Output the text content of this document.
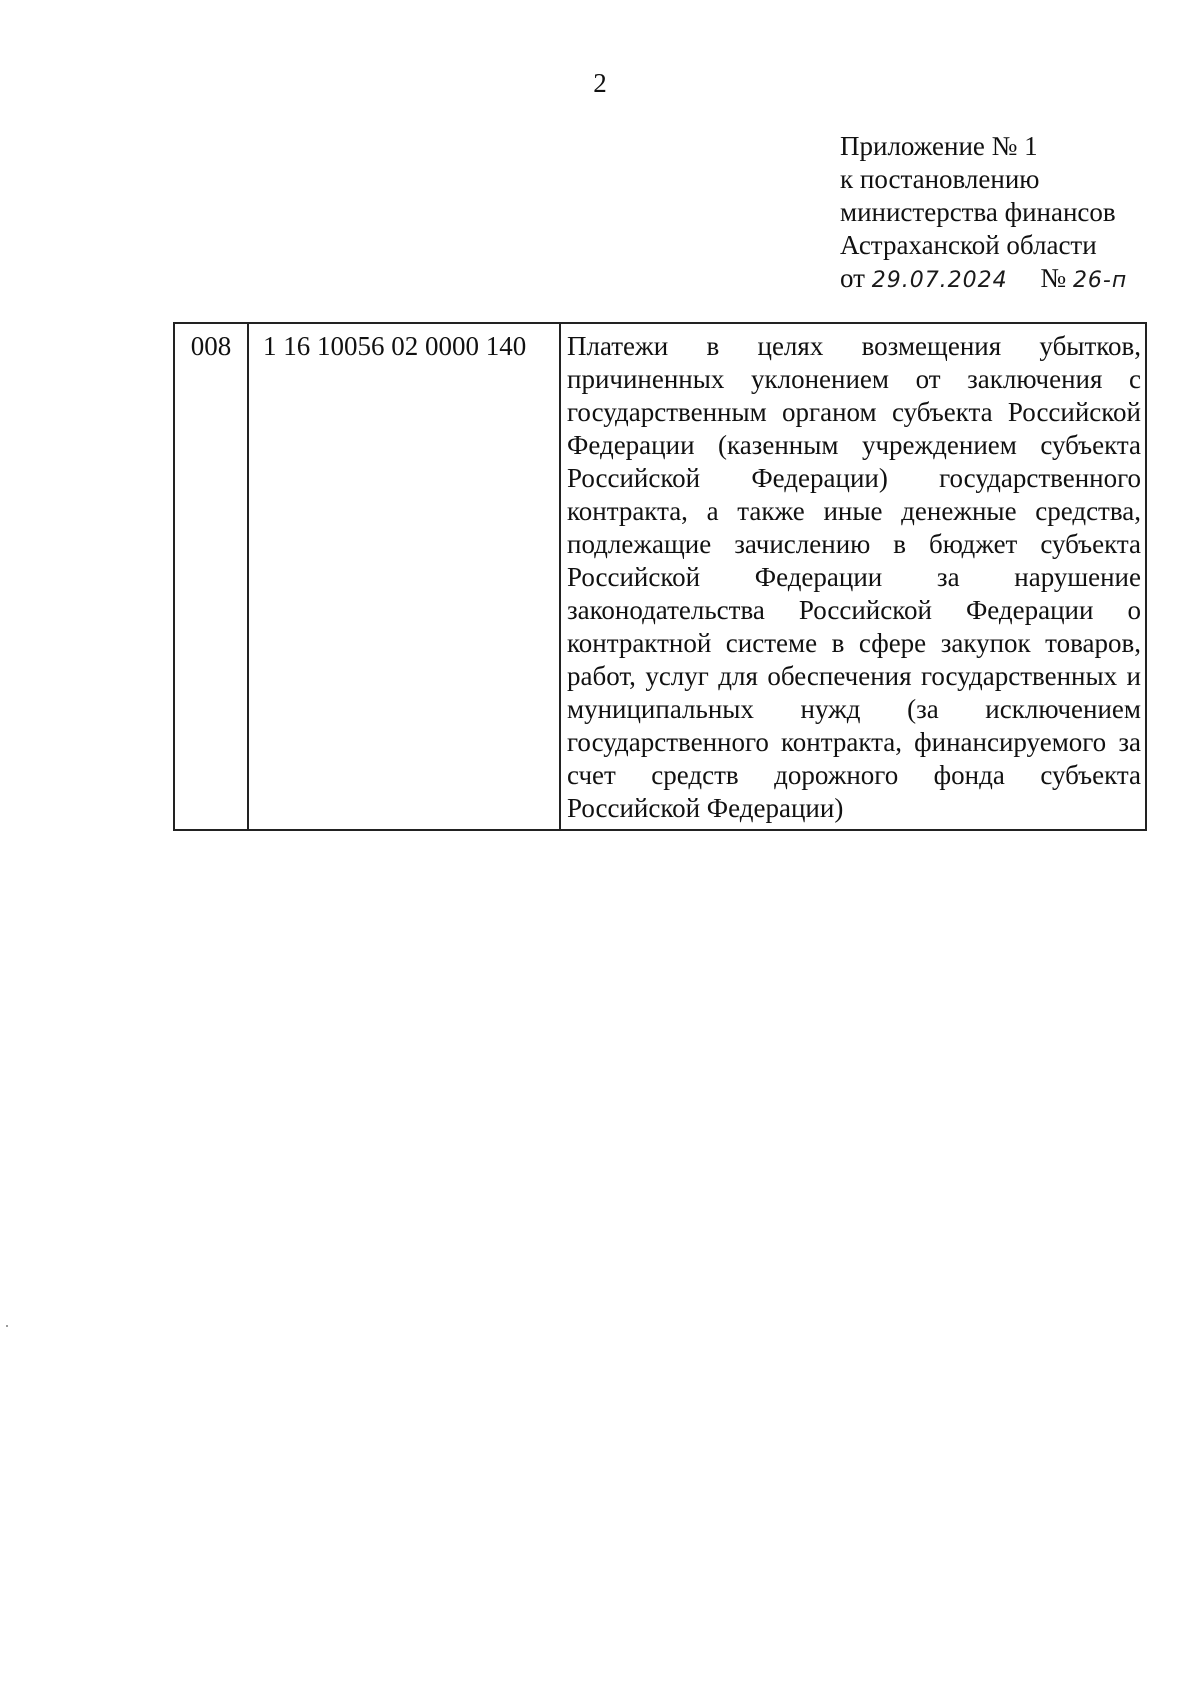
2
Приложение № 1
к постановлению
министерства финансов
Астраханской области
от 29.07.2024 № 26-п
008	1 16 10056 02 0000 140	Платежи в целях возмещения убытков, причиненных уклонением от заключения с государственным органом субъекта Российской Федерации (казенным учреждением субъекта Российской Федерации) государственного контракта, а также иные денежные средства, подлежащие зачислению в бюджет субъекта Российской Федерации за нарушение законодательства Российской Федерации о контрактной системе в сфере закупок товаров, работ, услуг для обеспечения государственных и муниципальных нужд (за исключением государственного контракта, финансируемого за счет средств дорожного фонда субъекта Российской Федерации)
